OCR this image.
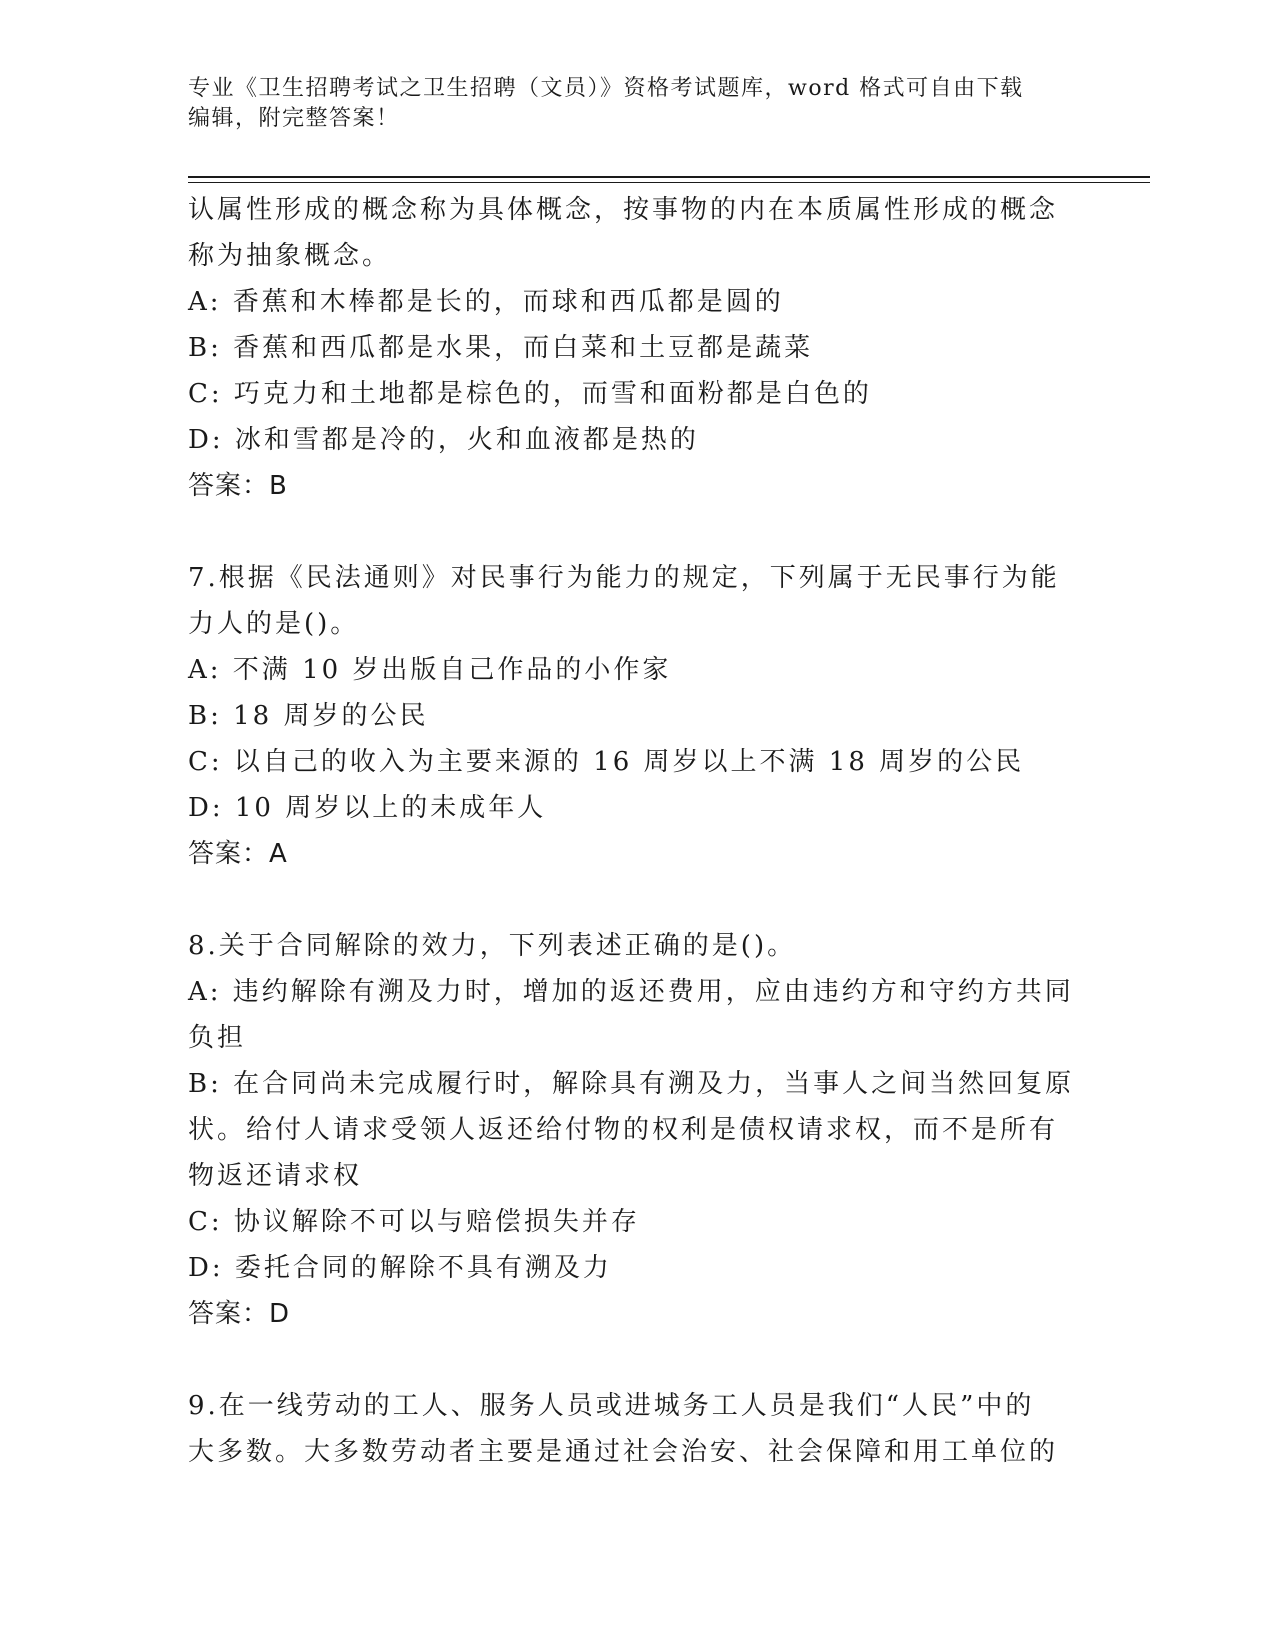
专业《卫生招聘考试之卫生招聘（文员）》资格考试题库，word 格式可自由下载
编辑，附完整答案！
认属性形成的概念称为具体概念，按事物的内在本质属性形成的概念
称为抽象概念。
A: 香蕉和木棒都是长的，而球和西瓜都是圆的
B: 香蕉和西瓜都是水果，而白菜和土豆都是蔬菜
C: 巧克力和土地都是棕色的，而雪和面粉都是白色的
D: 冰和雪都是冷的，火和血液都是热的
答案：B
7.根据《民法通则》对民事行为能力的规定，下列属于无民事行为能
力人的是()。
A: 不满 10 岁出版自己作品的小作家
B: 18 周岁的公民
C: 以自己的收入为主要来源的 16 周岁以上不满 18 周岁的公民
D: 10 周岁以上的未成年人
答案：A
8.关于合同解除的效力，下列表述正确的是()。
A: 违约解除有溯及力时，增加的返还费用，应由违约方和守约方共同
负担
B: 在合同尚未完成履行时，解除具有溯及力，当事人之间当然回复原
状。给付人请求受领人返还给付物的权利是债权请求权，而不是所有
物返还请求权
C: 协议解除不可以与赔偿损失并存
D: 委托合同的解除不具有溯及力
答案：D
9.在一线劳动的工人、服务人员或进城务工人员是我们“人民”中的
大多数。大多数劳动者主要是通过社会治安、社会保障和用工单位的
